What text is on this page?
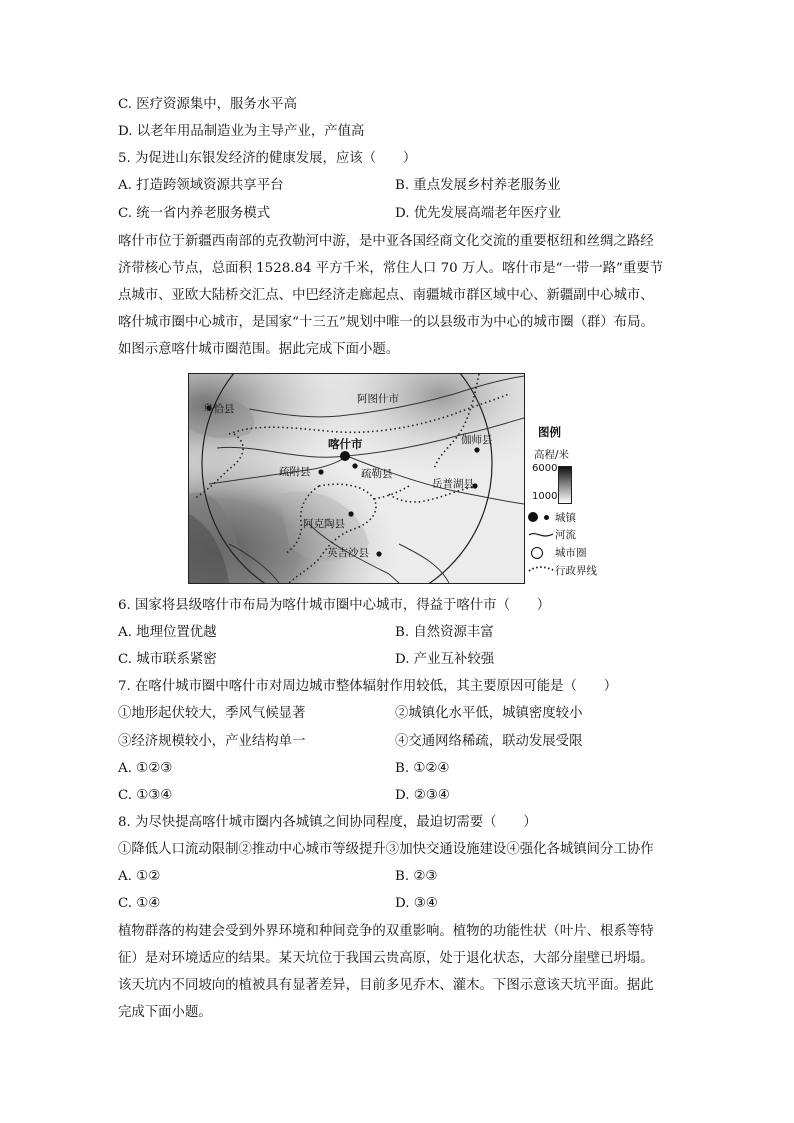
C. 医疗资源集中，服务水平高
D. 以老年用品制造业为主导产业，产值高
5. 为促进山东银发经济的健康发展，应该（　　）
A. 打造跨领域资源共享平台	B. 重点发展乡村养老服务业
C. 统一省内养老服务模式	D. 优先发展高端老年医疗业

喀什市位于新疆西南部的克孜勒河中游，是中亚各国经商文化交流的重要枢纽和丝绸之路经

济带核心节点，总面积 1528.84 平方千米，常住人口 70 万人。喀什市是“一带一路”重要节

点城市、亚欧大陆桥交汇点、中巴经济走廊起点、南疆城市群区域中心、新疆副中心城市、

喀什城市圈中心城市，是国家“十三五”规划中唯一的以县级市为中心的城市圈（群）布局。

如图示意喀什城市圈范围。据此完成下面小题。

乌恰县
阿图什市
喀什市	伽师县
疏附县	疏勒县
岳普湖县
阿克陶县
英吉沙县
图例
高程/米
6000
1000
城镇
河流
城市圈
行政界线
6. 国家将县级喀什市布局为喀什城市圈中心城市，得益于喀什市（　　）
A. 地理位置优越	B. 自然资源丰富
C. 城市联系紧密	D. 产业互补较强
7. 在喀什城市圈中喀什市对周边城市整体辐射作用较低，其主要原因可能是（　　）
①地形起伏较大，季风气候显著	②城镇化水平低，城镇密度较小
③经济规模较小，产业结构单一	④交通网络稀疏，联动发展受限
A. ①②③	B. ①②④
C. ①③④	D. ②③④
8. 为尽快提高喀什城市圈内各城镇之间协同程度，最迫切需要（　　）
①降低人口流动限制②推动中心城市等级提升③加快交通设施建设④强化各城镇间分工协作
A. ①②	B. ②③
C. ①④	D. ③④

植物群落的构建会受到外界环境和种间竞争的双重影响。植物的功能性状（叶片、根系等特

征）是对环境适应的结果。某天坑位于我国云贵高原，处于退化状态，大部分崖壁已坍塌。

该天坑内不同坡向的植被具有显著差异，目前多见乔木、灌木。下图示意该天坑平面。据此

完成下面小题。
